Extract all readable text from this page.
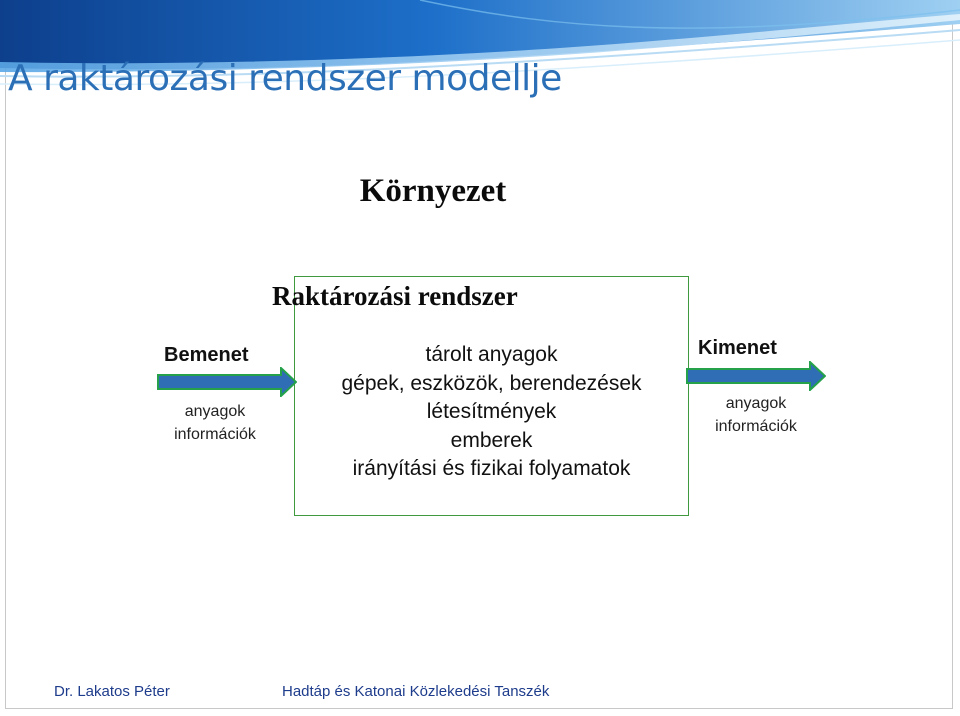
A raktározási rendszer modellje
Környezet
Raktározási rendszer
tárolt anyagok
gépek, eszközök, berendezések
létesítmények
emberek
irányítási és fizikai folyamatok
Bemenet
anyagok
információk
Kimenet
anyagok
információk
Dr. Lakatos Péter	Hadtáp és Katonai Közlekedési Tanszék
